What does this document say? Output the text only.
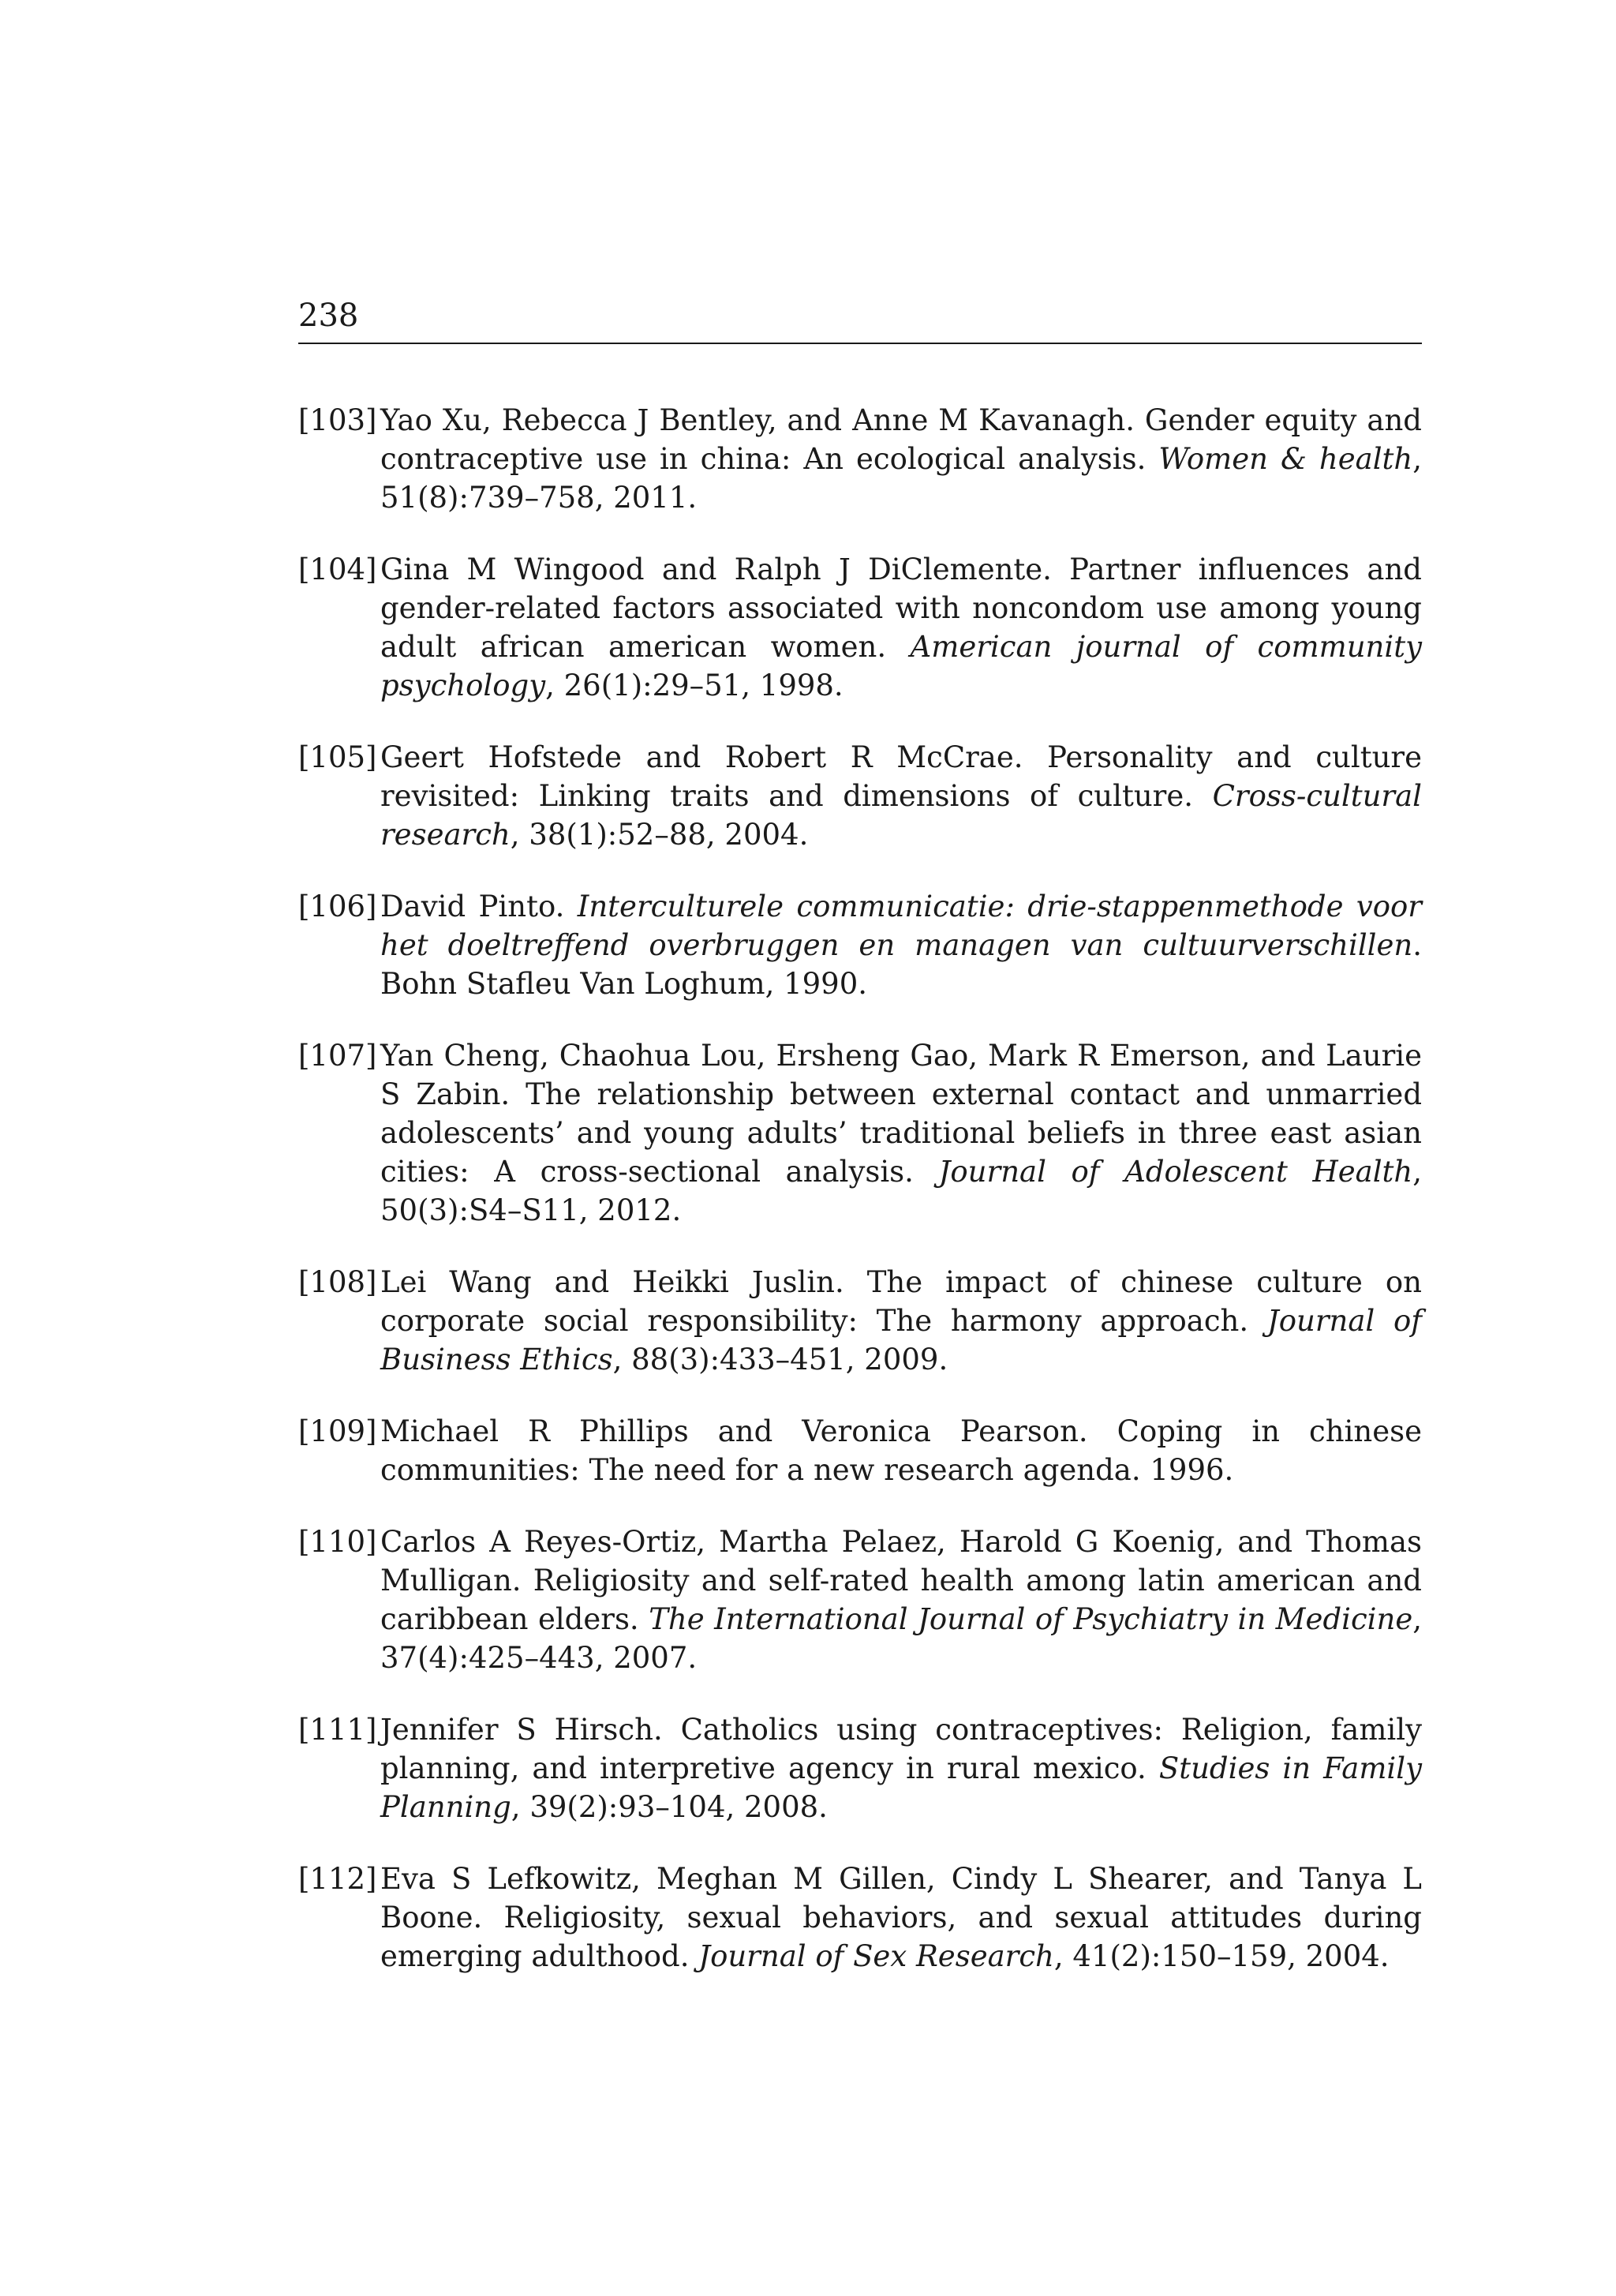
238
[103] Yao Xu, Rebecca J Bentley, and Anne M Kavanagh. Gender equity and contraceptive use in china: An ecological analysis. Women & health, 51(8):739–758, 2011.
[104] Gina M Wingood and Ralph J DiClemente. Partner influences and gender-related factors associated with noncondom use among young adult african american women. American journal of community psychology, 26(1):29–51, 1998.
[105] Geert Hofstede and Robert R McCrae. Personality and culture revisited: Linking traits and dimensions of culture. Cross-cultural research, 38(1):52–88, 2004.
[106] David Pinto. Interculturele communicatie: drie-stappenmethode voor het doeltreffend overbruggen en managen van cultuurverschillen. Bohn Stafleu Van Loghum, 1990.
[107] Yan Cheng, Chaohua Lou, Ersheng Gao, Mark R Emerson, and Laurie S Zabin. The relationship between external contact and unmarried adolescents’ and young adults’ traditional beliefs in three east asian cities: A cross-sectional analysis. Journal of Adolescent Health, 50(3):S4–S11, 2012.
[108] Lei Wang and Heikki Juslin. The impact of chinese culture on corporate social responsibility: The harmony approach. Journal of Business Ethics, 88(3):433–451, 2009.
[109] Michael R Phillips and Veronica Pearson. Coping in chinese communities: The need for a new research agenda. 1996.
[110] Carlos A Reyes-Ortiz, Martha Pelaez, Harold G Koenig, and Thomas Mulligan. Religiosity and self-rated health among latin american and caribbean elders. The International Journal of Psychiatry in Medicine, 37(4):425–443, 2007.
[111] Jennifer S Hirsch. Catholics using contraceptives: Religion, family planning, and interpretive agency in rural mexico. Studies in Family Planning, 39(2):93–104, 2008.
[112] Eva S Lefkowitz, Meghan M Gillen, Cindy L Shearer, and Tanya L Boone. Religiosity, sexual behaviors, and sexual attitudes during emerging adulthood. Journal of Sex Research, 41(2):150–159, 2004.
